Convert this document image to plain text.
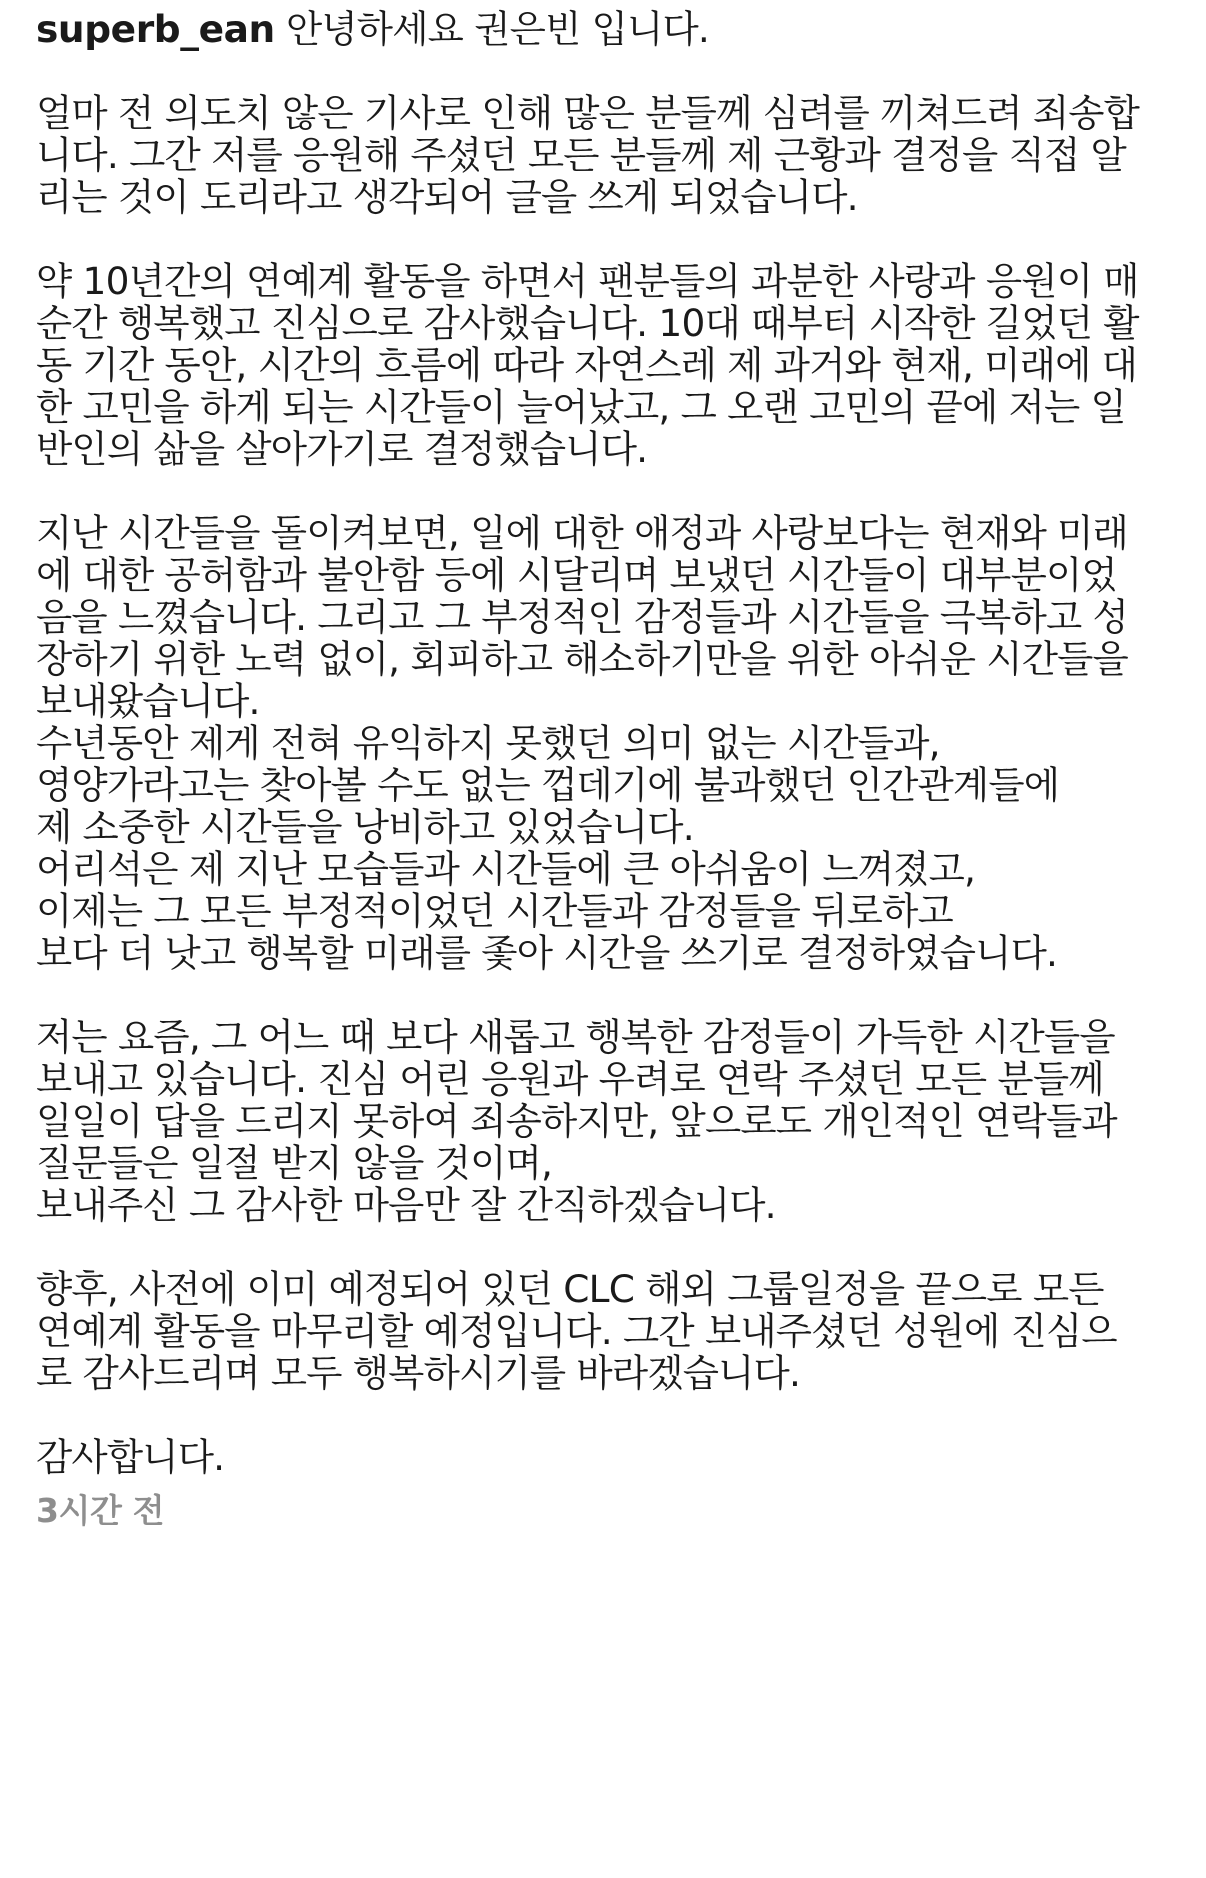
superb_ean 안녕하세요 권은빈 입니다.
얼마 전 의도치 않은 기사로 인해 많은 분들께 심려를 끼쳐드려 죄송합
니다. 그간 저를 응원해 주셨던 모든 분들께 제 근황과 결정을 직접 알
리는 것이 도리라고 생각되어 글을 쓰게 되었습니다.
약 10년간의 연예계 활동을 하면서 팬분들의 과분한 사랑과 응원이 매
순간 행복했고 진심으로 감사했습니다. 10대 때부터 시작한 길었던 활
동 기간 동안, 시간의 흐름에 따라 자연스레 제 과거와 현재, 미래에 대
한 고민을 하게 되는 시간들이 늘어났고, 그 오랜 고민의 끝에 저는 일
반인의 삶을 살아가기로 결정했습니다.
지난 시간들을 돌이켜보면, 일에 대한 애정과 사랑보다는 현재와 미래
에 대한 공허함과 불안함 등에 시달리며 보냈던 시간들이 대부분이었
음을 느꼈습니다. 그리고 그 부정적인 감정들과 시간들을 극복하고 성
장하기 위한 노력 없이, 회피하고 해소하기만을 위한 아쉬운 시간들을
보내왔습니다.
수년동안 제게 전혀 유익하지 못했던 의미 없는 시간들과,
영양가라고는 찾아볼 수도 없는 껍데기에 불과했던 인간관계들에
제 소중한 시간들을 낭비하고 있었습니다.
어리석은 제 지난 모습들과 시간들에 큰 아쉬움이 느껴졌고,
이제는 그 모든 부정적이었던 시간들과 감정들을 뒤로하고
보다 더 낫고 행복할 미래를 좇아 시간을 쓰기로 결정하였습니다.
저는 요즘, 그 어느 때 보다 새롭고 행복한 감정들이 가득한 시간들을
보내고 있습니다. 진심 어린 응원과 우려로 연락 주셨던 모든 분들께
일일이 답을 드리지 못하여 죄송하지만, 앞으로도 개인적인 연락들과
질문들은 일절 받지 않을 것이며,
보내주신 그 감사한 마음만 잘 간직하겠습니다.
향후, 사전에 이미 예정되어 있던 CLC 해외 그룹일정을 끝으로 모든
연예계 활동을 마무리할 예정입니다. 그간 보내주셨던 성원에 진심으
로 감사드리며 모두 행복하시기를 바라겠습니다.
감사합니다.
3시간 전
